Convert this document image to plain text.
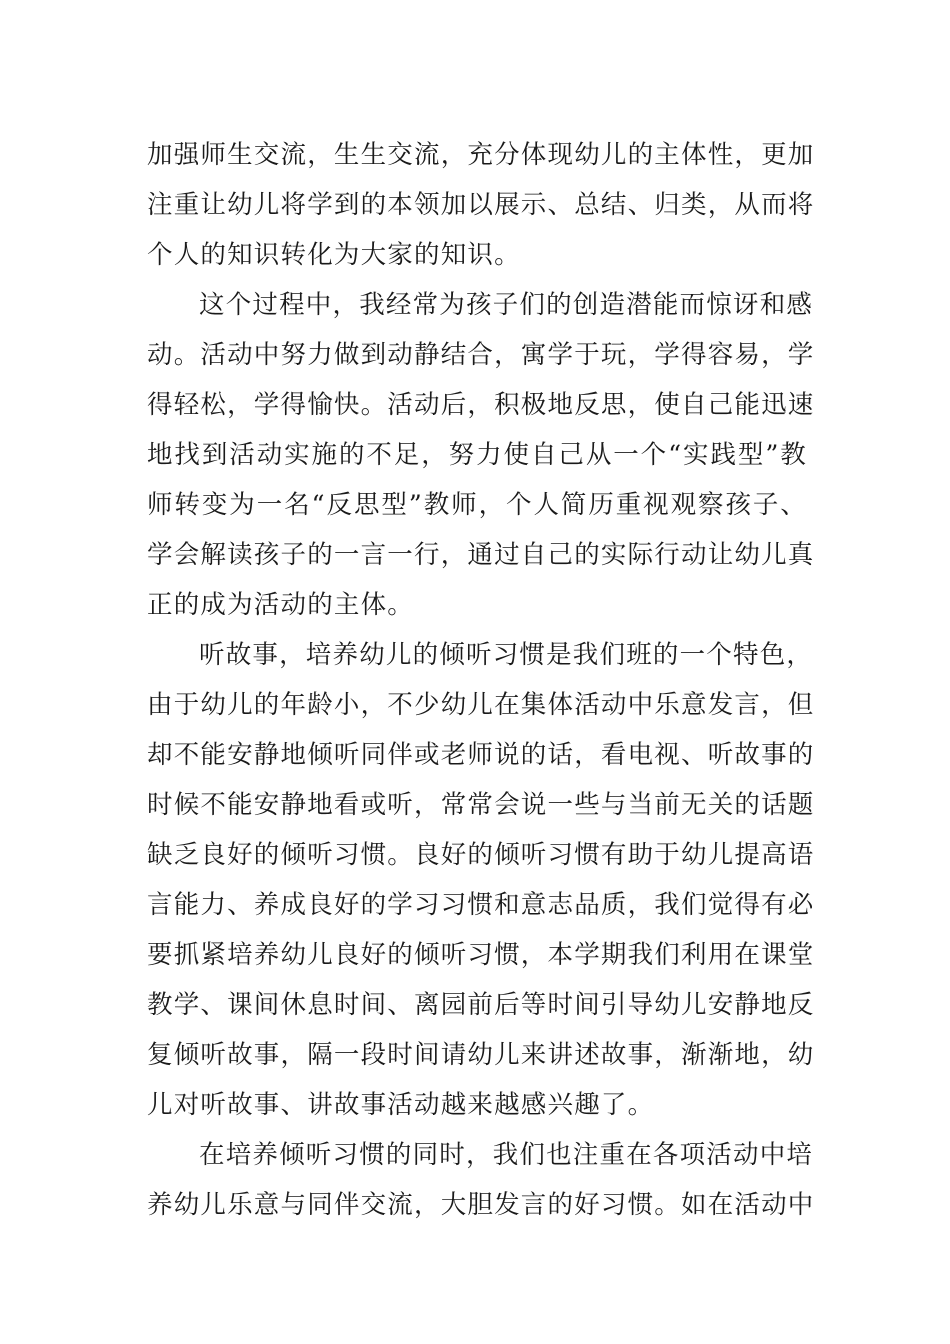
加强师生交流，生生交流，充分体现幼儿的主体性，更加
注重让幼儿将学到的本领加以展示、总结、归类，从而将
个人的知识转化为大家的知识。
这个过程中，我经常为孩子们的创造潜能而惊讶和感
动。活动中努力做到动静结合，寓学于玩，学得容易，学
得轻松，学得愉快。活动后，积极地反思，使自己能迅速
地找到活动实施的不足，努力使自己从一个“实践型”教
师转变为一名“反思型”教师，个人简历重视观察孩子、
学会解读孩子的一言一行，通过自己的实际行动让幼儿真
正的成为活动的主体。
听故事，培养幼儿的倾听习惯是我们班的一个特色，
由于幼儿的年龄小，不少幼儿在集体活动中乐意发言，但
却不能安静地倾听同伴或老师说的话，看电视、听故事的
时候不能安静地看或听，常常会说一些与当前无关的话题
缺乏良好的倾听习惯。良好的倾听习惯有助于幼儿提高语
言能力、养成良好的学习习惯和意志品质，我们觉得有必
要抓紧培养幼儿良好的倾听习惯，本学期我们利用在课堂
教学、课间休息时间、离园前后等时间引导幼儿安静地反
复倾听故事，隔一段时间请幼儿来讲述故事，渐渐地，幼
儿对听故事、讲故事活动越来越感兴趣了。
在培养倾听习惯的同时，我们也注重在各项活动中培
养幼儿乐意与同伴交流，大胆发言的好习惯。如在活动中
